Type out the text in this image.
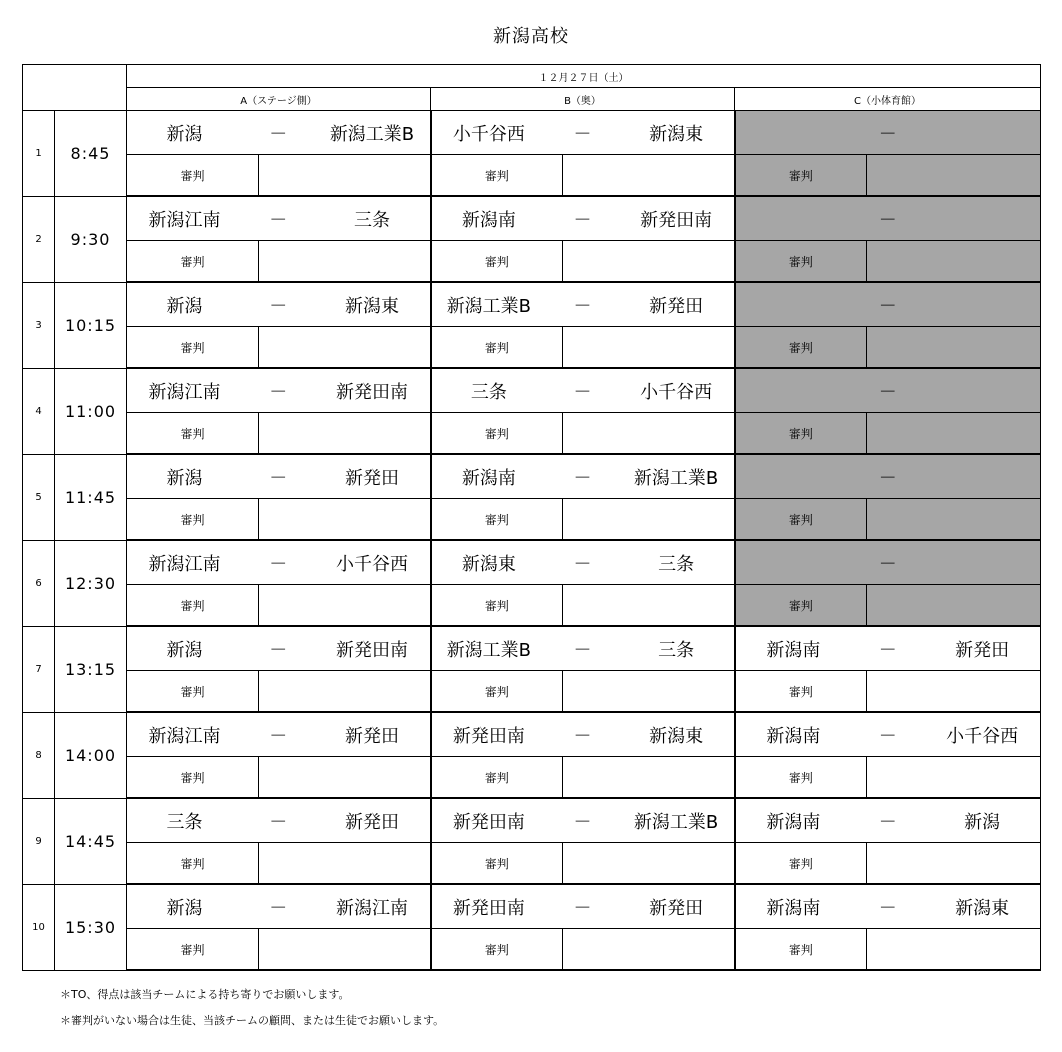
新潟高校
		１２月２７日（土）					
		A（ステージ側）		B（奥）		C（小体育館）	
1	8:45	新潟 － 新潟工業B		小千谷西 － 新潟東		－	

		審判		審判		審判	
2	9:30	新潟江南 － 三条		新潟南 － 新発田南		－	

		審判		審判		審判	
3	10:15	新潟 － 新潟東		新潟工業B － 新発田		－	

		審判		審判		審判	
4	11:00	新潟江南 － 新発田南		三条 － 小千谷西		－	

		審判		審判		審判	
5	11:45	新潟 － 新発田		新潟南 － 新潟工業B		－	

		審判		審判		審判	
6	12:30	新潟江南 － 小千谷西		新潟東 － 三条		－	

		審判		審判		審判	
7	13:15	新潟 － 新発田南		新潟工業B － 三条		新潟南 － 新発田	

		審判		審判		審判	
8	14:00	新潟江南 － 新発田		新発田南 － 新潟東		新潟南 － 小千谷西	

		審判		審判		審判	
9	14:45	三条 － 新発田		新発田南 － 新潟工業B		新潟南 － 新潟	

		審判		審判		審判	
10	15:30	新潟 － 新潟江南		新発田南 － 新発田		新潟南 － 新潟東	

		審判		審判		審判	
＊TO、得点は該当チームによる持ち寄りでお願いします。
＊審判がいない場合は生徒、当該チームの顧問、または生徒でお願いします。
